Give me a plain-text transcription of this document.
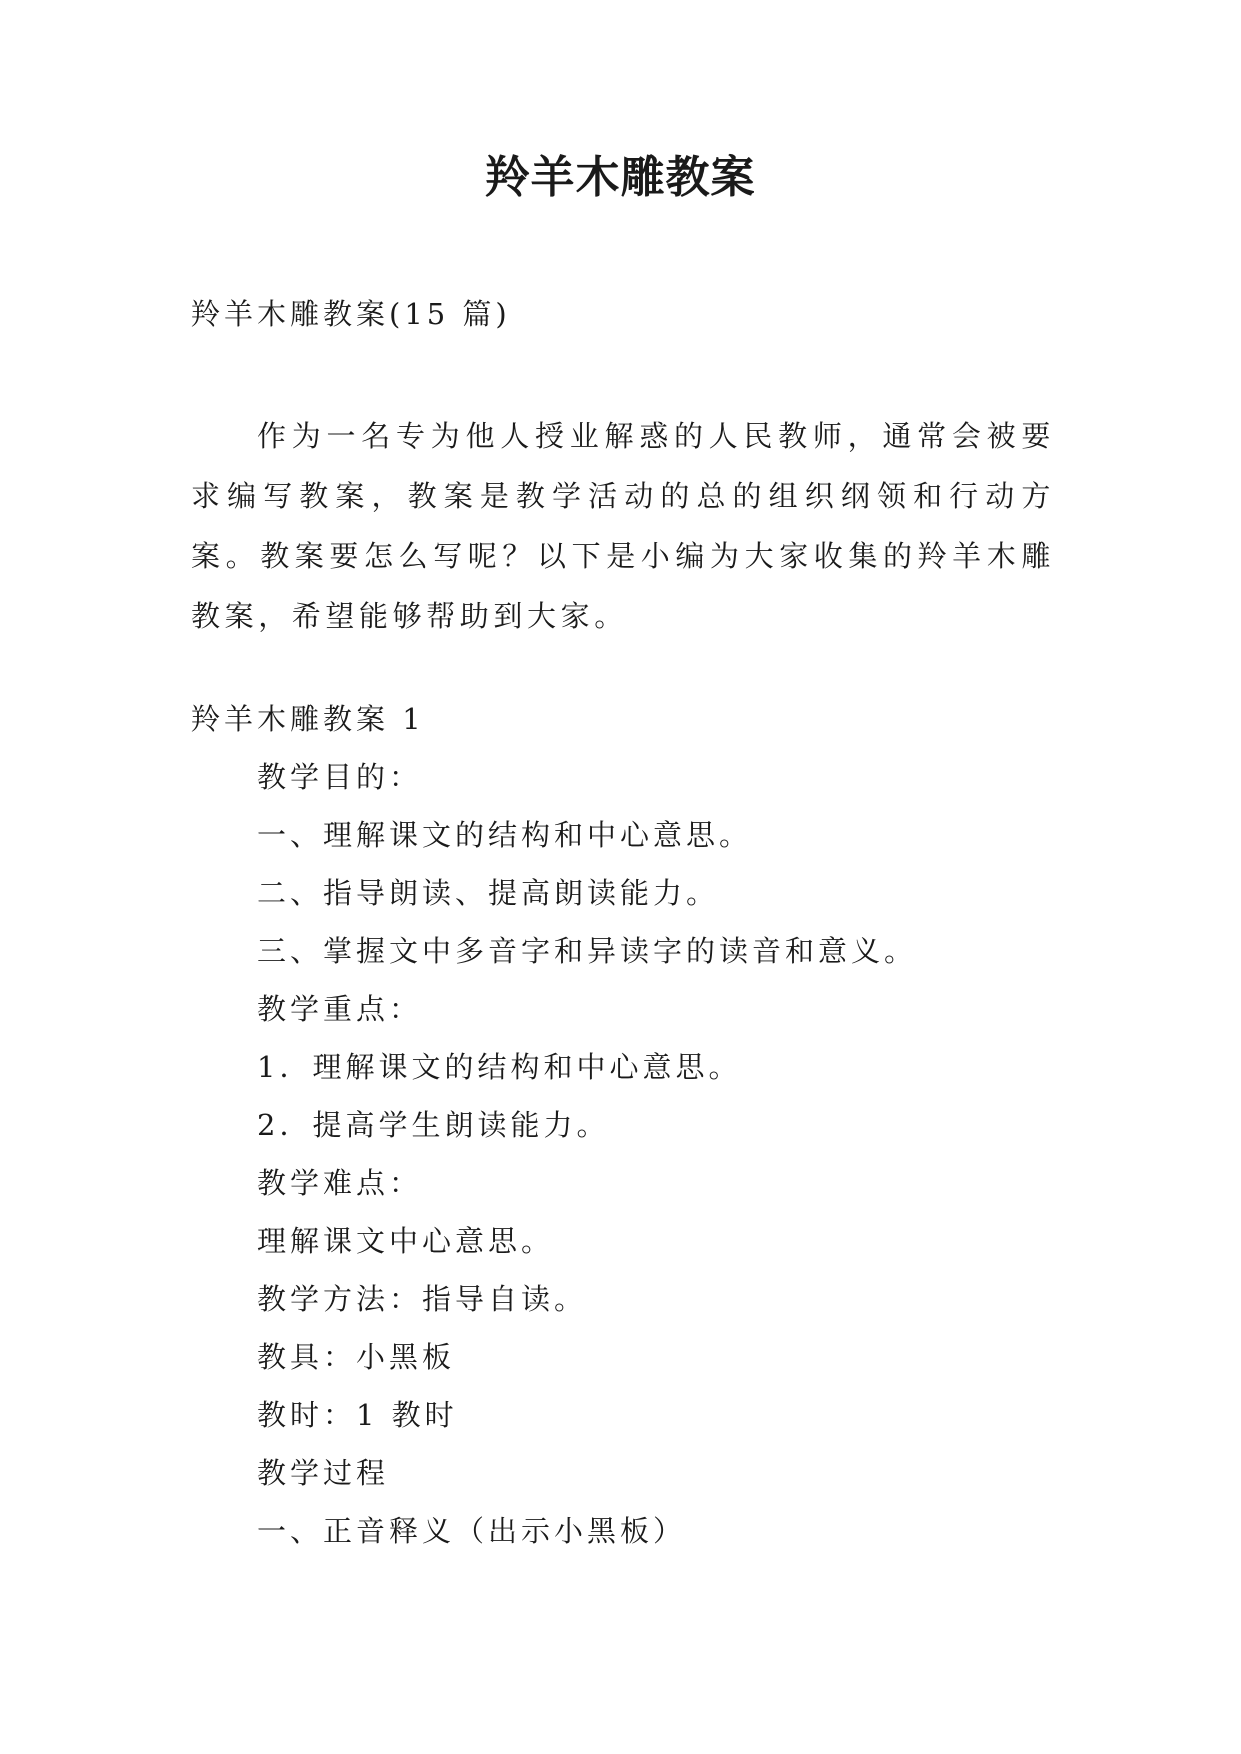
羚羊木雕教案
羚羊木雕教案(15 篇)
作为一名专为他人授业解惑的人民教师，通常会被要求编写教案，教案是教学活动的总的组织纲领和行动方案。教案要怎么写呢？以下是小编为大家收集的羚羊木雕教案，希望能够帮助到大家。
羚羊木雕教案 1
教学目的：
一、理解课文的结构和中心意思。
二、指导朗读、提高朗读能力。
三、掌握文中多音字和异读字的读音和意义。
教学重点：
1．理解课文的结构和中心意思。
2．提高学生朗读能力。
教学难点：
理解课文中心意思。
教学方法：指导自读。
教具：小黑板
教时：1 教时
教学过程
一、正音释义（出示小黑板）
